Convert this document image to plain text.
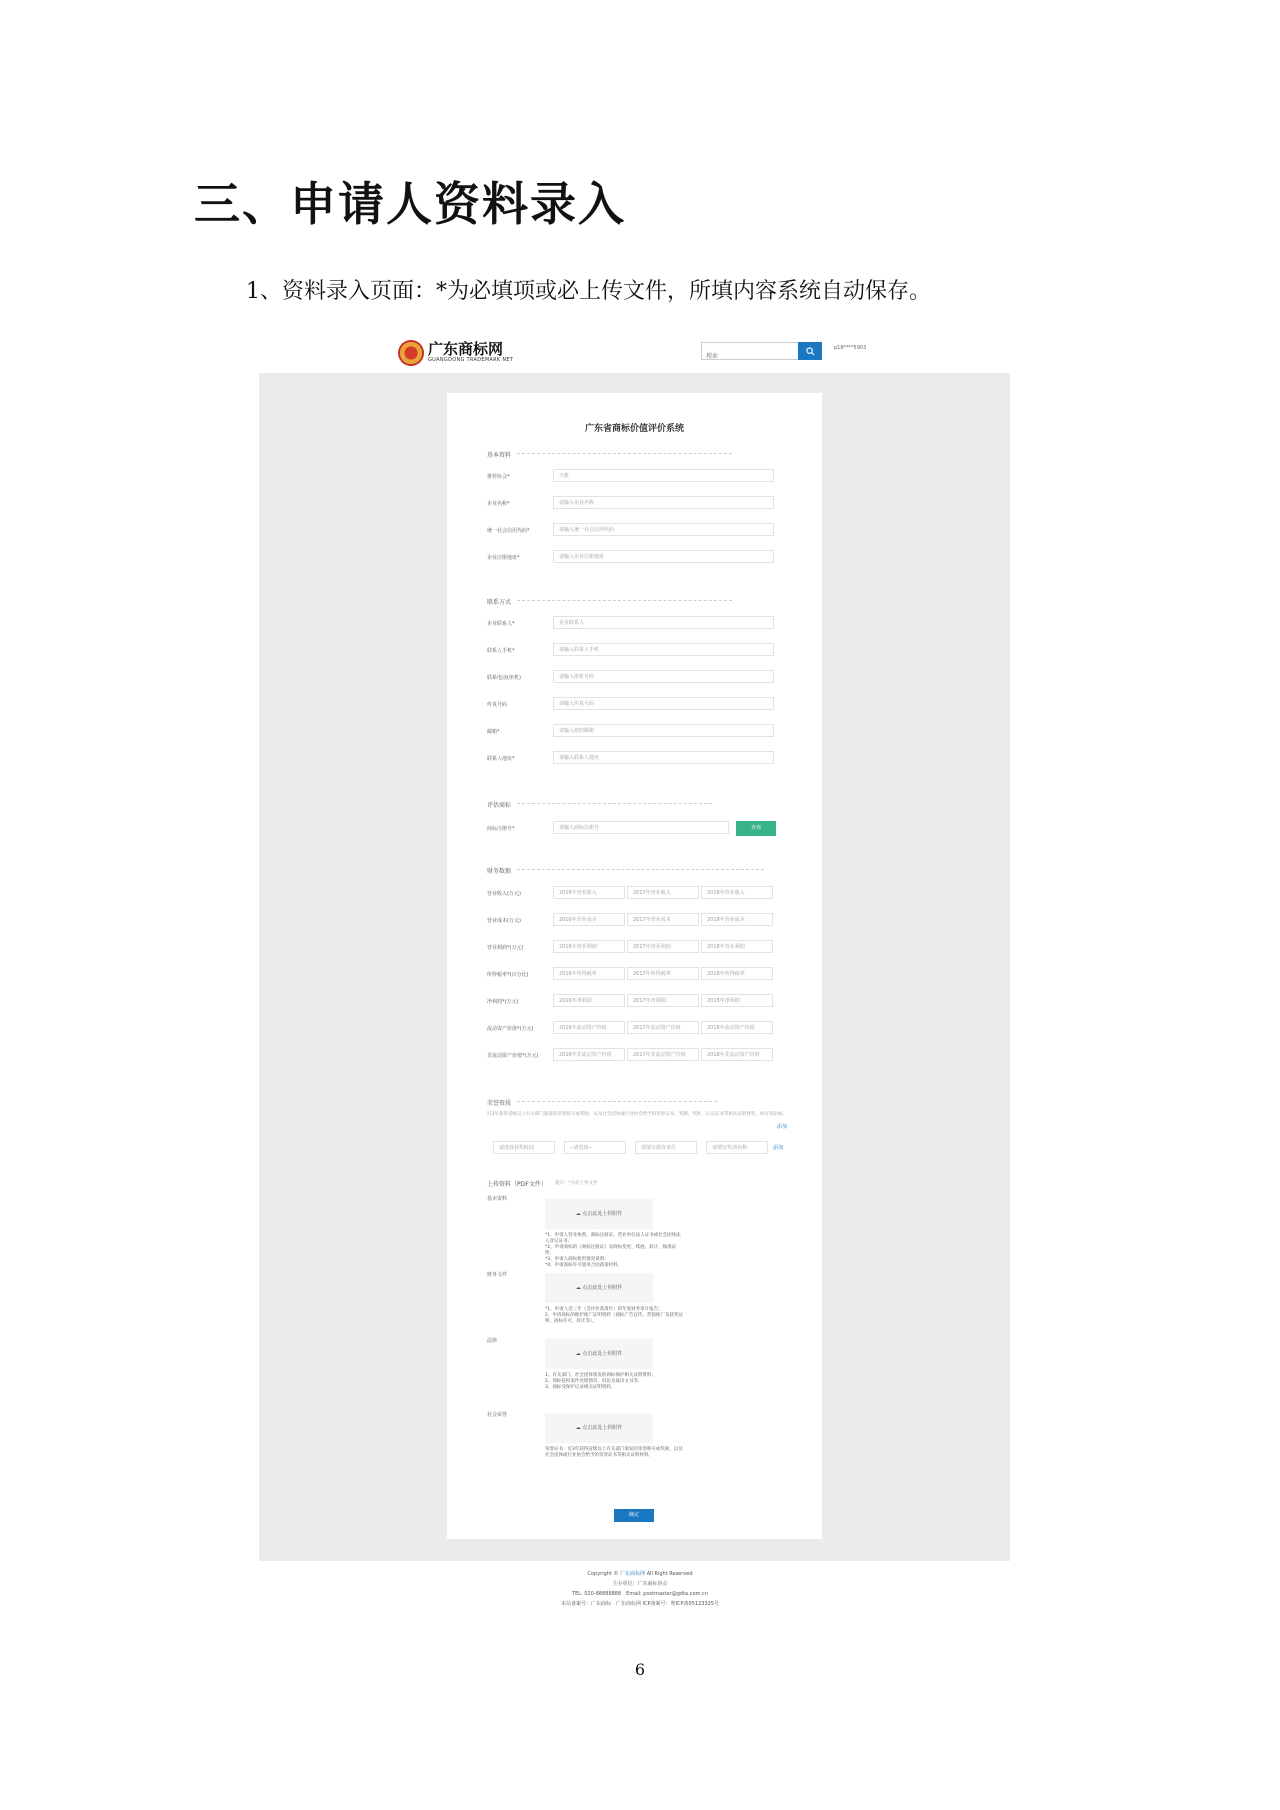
三、申请人资料录入
1、资料录入页面：*为必填项或必上传文件，所填内容系统自动保存。
广东商标网
GUANGDONG TRADEMARK NET
搜索
p18****5903
广东省商标价值评价系统
基本资料
推荐协会*	天雅
企业名称*	请输入企业名称
统一社会信用代码*	请输入统一社会信用代码
企业注册地址*	请输入企业注册地址
联系方式
企业联系人*	企业联系人
联系人手机*	请输入联系人手机
联系电话(座机)	请输入座机号码
传真号码	请输入传真号码
邮箱*	请输入您的邮箱
联系人地址*	请输入联系人地址
评估商标
商标注册号*	请输入商标注册号	查询
财务数据
营业收入(万元)	2016年营业收入	2017年营业收入	2018年营业收入
营业成本(万元)	2016年营业成本	2017年营业成本	2018年营业成本
营业利润*(万元)	2016年营业利润	2017年营业利润	2018年营业利润
所得税率*(百分比)	2016年所得税率	2017年所得税率	2018年所得税率
净利润*(万元)	2016年净利润	2017年净利润	2018年净利润
流动资产价值*(万元)	2016年流动资产价值	2017年流动资产价值	2018年流动资产价值
非流动资产价值*(万元)	2016年非流动资产价值	2017年非流动资产价值	2018年非流动资产价值
荣誉资质
近3年获得省级以上有关部门颁发的荣誉称号或奖励，以及社会团体或行业协会给予的荣誉证书、奖牌、奖杯、认证证书等相关证明材料，如有请添加。
添加
请选择获奖时间	--请选择--	请填写颁发单位	请填写奖项名称	添加
上传资料（PDF文件） 提示：*为必上传文件
基本资料
☁ 点击此处上传附件
*1、申请人营业执照、商标注册证、营业单位法人证书或社会团体法人登记证书；
*2、申请商标的《商标注册证》及商标变更、续展、转让、核准证明；
*3、申请人商标使用情况说明；
*4、申请商标许可使用合同备案材料。
财务文件
☁ 点击此处上传附件
*1、申请人近三年（含评价基准年）的年度财务审计报告；
2、申请商标的维护推广证明资料（商标广告宣传、营销推广及获奖证明、商标许可、转让等）。
法律
☁ 点击此处上传附件
1、有关部门、社会团体颁发的商标保护相关证明资料；
2、商标侵权案件处理情况、诉讼及裁决文书等；
3、商标受保护记录相关证明资料。
社会荣誉
☁ 点击此处上传附件
荣誉证书：近3年获得省级以上有关部门颁发的荣誉称号或奖励，以及社会团体或行业协会给予的荣誉证书等相关证明材料。
确定
Copyright © 广东商标网 All Right Reserved
主办单位：广东商标协会
TEL: 020-88888888　Email: postmaster@gdta.com.cn
本站备案号：广东商标　广东商标网 ICP备案号：粤ICP备05123325号
6
